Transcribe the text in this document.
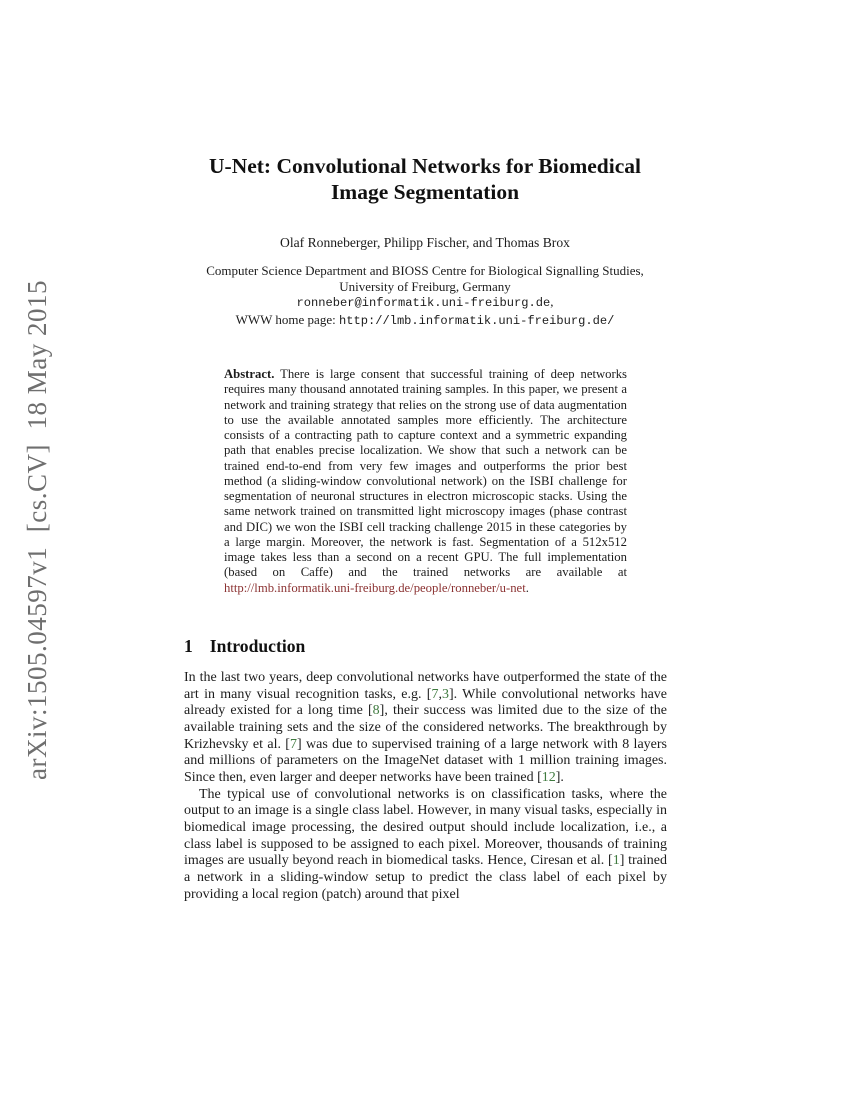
arXiv:1505.04597v1  [cs.CV]  18 May 2015
U-Net: Convolutional Networks for Biomedical
Image Segmentation
Olaf Ronneberger, Philipp Fischer, and Thomas Brox
Computer Science Department and BIOSS Centre for Biological Signalling Studies,
University of Freiburg, Germany
ronneber@informatik.uni-freiburg.de,
WWW home page: http://lmb.informatik.uni-freiburg.de/
Abstract. There is large consent that successful training of deep networks requires many thousand annotated training samples. In this paper, we present a network and training strategy that relies on the strong use of data augmentation to use the available annotated samples more efficiently. The architecture consists of a contracting path to capture context and a symmetric expanding path that enables precise localization. We show that such a network can be trained end-to-end from very few images and outperforms the prior best method (a sliding-window convolutional network) on the ISBI challenge for segmentation of neuronal structures in electron microscopic stacks. Using the same network trained on transmitted light microscopy images (phase contrast and DIC) we won the ISBI cell tracking challenge 2015 in these categories by a large margin. Moreover, the network is fast. Segmentation of a 512x512 image takes less than a second on a recent GPU. The full implementation (based on Caffe) and the trained networks are available at http://lmb.informatik.uni-freiburg.de/people/ronneber/u-net.
1 Introduction

In the last two years, deep convolutional networks have outperformed the state of the art in many visual recognition tasks, e.g. [7,3]. While convolutional networks have already existed for a long time [8], their success was limited due to the size of the available training sets and the size of the considered networks. The breakthrough by Krizhevsky et al. [7] was due to supervised training of a large network with 8 layers and millions of parameters on the ImageNet dataset with 1 million training images. Since then, even larger and deeper networks have been trained [12].

The typical use of convolutional networks is on classification tasks, where the output to an image is a single class label. However, in many visual tasks, especially in biomedical image processing, the desired output should include localization, i.e., a class label is supposed to be assigned to each pixel. Moreover, thousands of training images are usually beyond reach in biomedical tasks. Hence, Ciresan et al. [1] trained a network in a sliding-window setup to predict the class label of each pixel by providing a local region (patch) around that pixel
